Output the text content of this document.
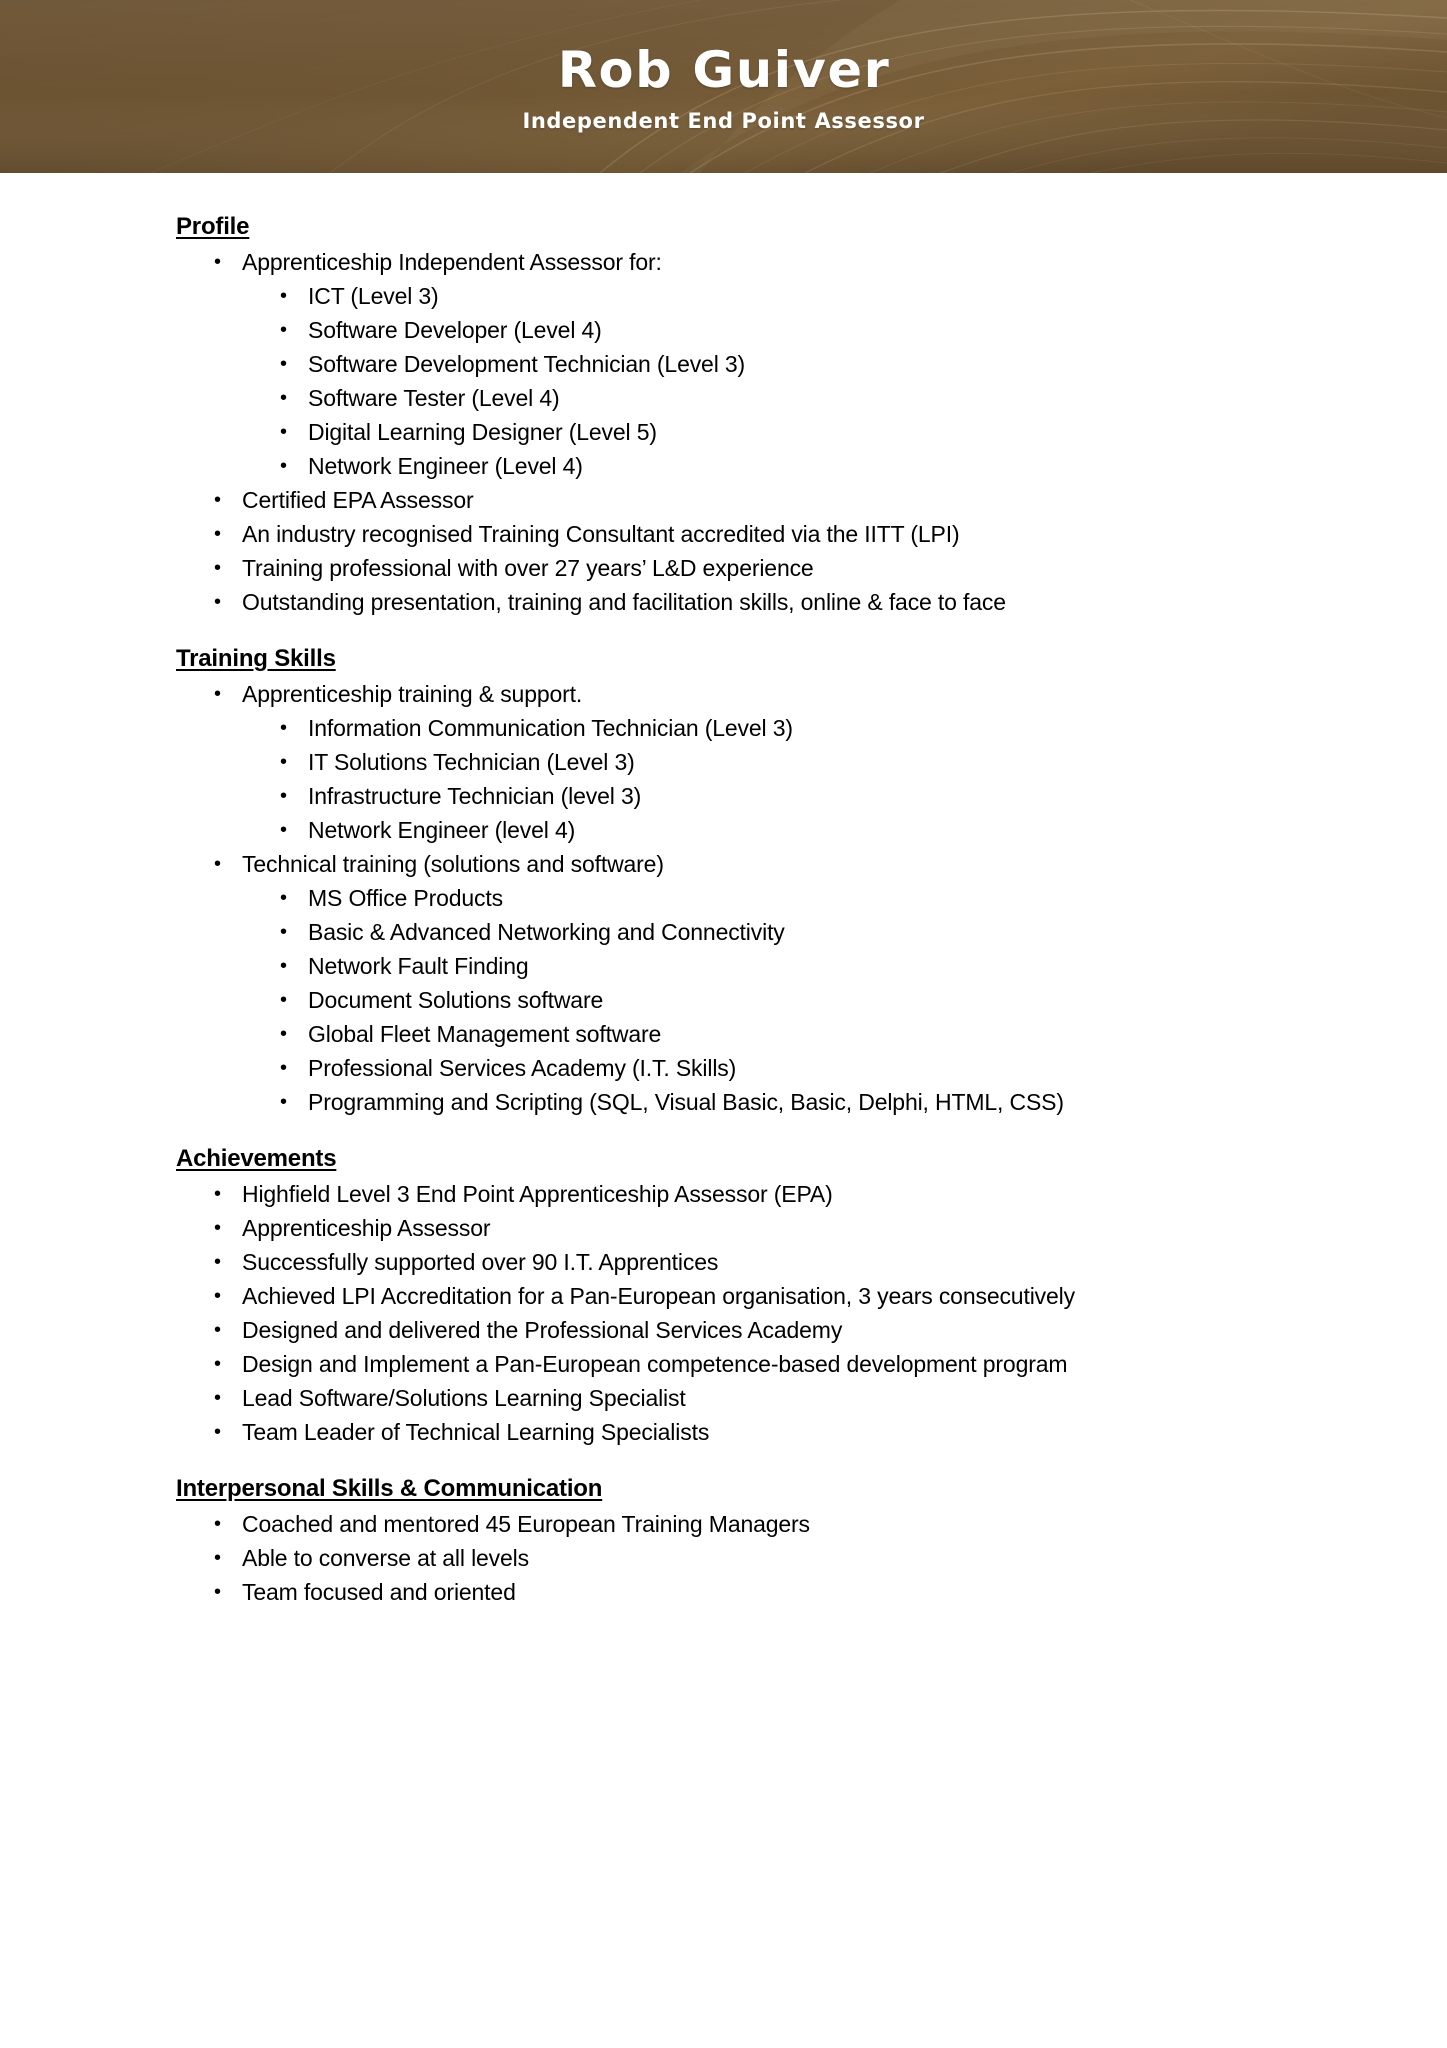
Rob Guiver
Independent End Point Assessor
Profile
• Apprenticeship Independent Assessor for:
• ICT (Level 3)
• Software Developer (Level 4)
• Software Development Technician (Level 3)
• Software Tester (Level 4)
• Digital Learning Designer (Level 5)
• Network Engineer (Level 4)
• Certified EPA Assessor
• An industry recognised Training Consultant accredited via the IITT (LPI)
• Training professional with over 27 years’ L&D experience
• Outstanding presentation, training and facilitation skills, online & face to face
Training Skills
• Apprenticeship training & support.
• Information Communication Technician (Level 3)
• IT Solutions Technician (Level 3)
• Infrastructure Technician (level 3)
• Network Engineer (level 4)
• Technical training (solutions and software)
• MS Office Products
• Basic & Advanced Networking and Connectivity
• Network Fault Finding
• Document Solutions software
• Global Fleet Management software
• Professional Services Academy (I.T. Skills)
• Programming and Scripting (SQL, Visual Basic, Basic, Delphi, HTML, CSS)
Achievements
• Highfield Level 3 End Point Apprenticeship Assessor (EPA)
• Apprenticeship Assessor
• Successfully supported over 90 I.T. Apprentices
• Achieved LPI Accreditation for a Pan-European organisation, 3 years consecutively
• Designed and delivered the Professional Services Academy
• Design and Implement a Pan-European competence-based development program
• Lead Software/Solutions Learning Specialist
• Team Leader of Technical Learning Specialists
Interpersonal Skills & Communication
• Coached and mentored 45 European Training Managers
• Able to converse at all levels
• Team focused and oriented
